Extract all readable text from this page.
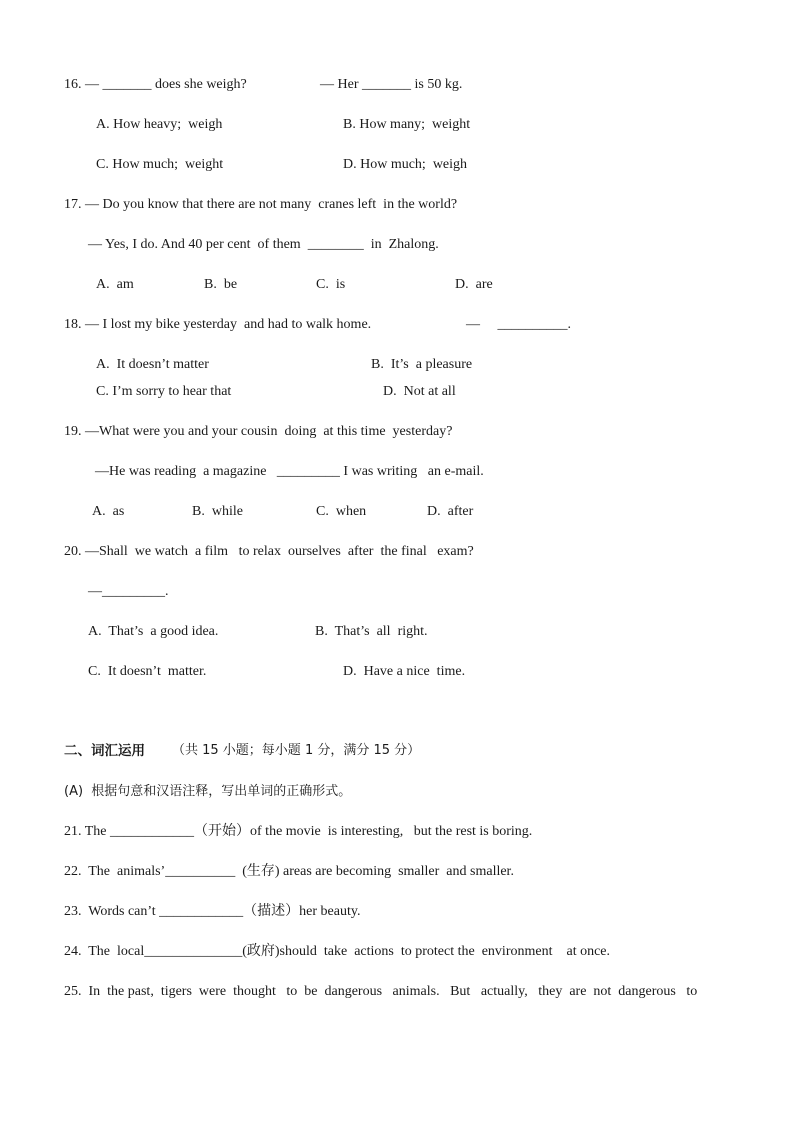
16. — _______ does she weigh?	— Her _______ is 50 kg.
A. How heavy;  weigh	B. How many;  weight
C. How much;  weight	D. How much;  weigh
17. — Do you know that there are not many  cranes left  in the world?
— Yes, I do. And 40 per cent  of them  ________  in  Zhalong.
A.  am	B.  be	C.  is	D.  are
18. — I lost my bike yesterday  and had to walk home.	—     __________.
A.  It doesn’t matter	B.  It’s  a pleasure
C. I’m sorry to hear that	D.  Not at all
19. —What were you and your cousin  doing  at this time  yesterday?
—He was reading  a magazine   _________ I was writing   an e-mail.
A.  as	B.  while	C.  when	D.  after
20. —Shall  we watch  a film   to relax  ourselves  after  the final   exam?
—_________.
A.  That’s  a good idea.	B.  That’s  all  right.
C.  It doesn’t  matter.	D.  Have a nice  time.
二、词汇运用 （共 15 小题；每小题 1 分，满分 15 分）
(A)  根据句意和汉语注释，写出单词的正确形式。
21. The ____________（开始）of the movie  is interesting,   but the rest is boring.
22.  The  animals’__________  (生存) areas are becoming  smaller  and smaller.
23.  Words can’t ____________（描述）her beauty.
24.  The  local______________(政府)should  take  actions  to protect the  environment    at once.
25.  In  the past,  tigers  were  thought   to  be  dangerous   animals.   But   actually,   they  are  not  dangerous   to
